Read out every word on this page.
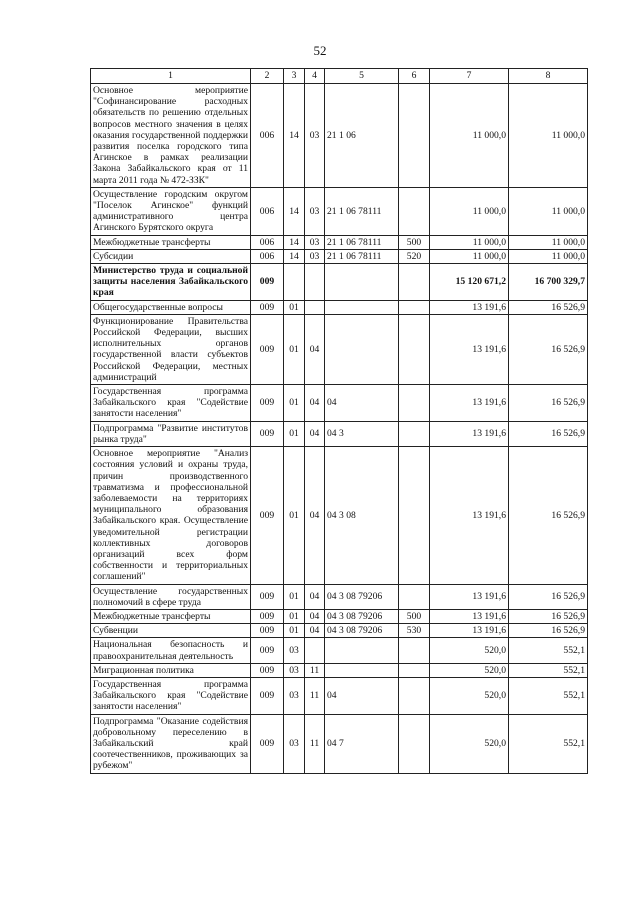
52
1	2	3	4	5	6	7	8
Основное мероприятие "Софинансирование расходных обязательств по решению отдельных вопросов местного значения в целях оказания государственной поддержки развития поселка городского типа Агинское в рамках реализации Закона Забайкальского края от 11 марта 2011 года № 472-ЗЗК"	006	14	03	21 1 06		11 000,0	11 000,0
Осуществление городским округом "Поселок Агинское" функций административного центра Агинского Бурятского округа	006	14	03	21 1 06 78111		11 000,0	11 000,0
Межбюджетные трансферты	006	14	03	21 1 06 78111	500	11 000,0	11 000,0
Субсидии	006	14	03	21 1 06 78111	520	11 000,0	11 000,0
Министерство труда и социальной защиты населения Забайкальского края	009					15 120 671,2	16 700 329,7
Общегосударственные вопросы	009	01				13 191,6	16 526,9
Функционирование Правительства Российской Федерации, высших исполнительных органов государственной власти субъектов Российской Федерации, местных администраций	009	01	04			13 191,6	16 526,9
Государственная программа Забайкальского края "Содействие занятости населения"	009	01	04	04		13 191,6	16 526,9
Подпрограмма "Развитие институтов рынка труда"	009	01	04	04 3		13 191,6	16 526,9
Основное мероприятие "Анализ состояния условий и охраны труда, причин производственного травматизма и профессиональной заболеваемости на территориях муниципального образования Забайкальского края. Осуществление уведомительной регистрации коллективных договоров организаций всех форм собственности и территориальных соглашений"	009	01	04	04 3 08		13 191,6	16 526,9
Осуществление государственных полномочий в сфере труда	009	01	04	04 3 08 79206		13 191,6	16 526,9
Межбюджетные трансферты	009	01	04	04 3 08 79206	500	13 191,6	16 526,9
Субвенции	009	01	04	04 3 08 79206	530	13 191,6	16 526,9
Национальная безопасность и правоохранительная деятельность	009	03				520,0	552,1
Миграционная политика	009	03	11			520,0	552,1
Государственная программа Забайкальского края "Содействие занятости населения"	009	03	11	04		520,0	552,1
Подпрограмма "Оказание содействия добровольному переселению в Забайкальский край соотечественников, проживающих за рубежом"	009	03	11	04 7		520,0	552,1
